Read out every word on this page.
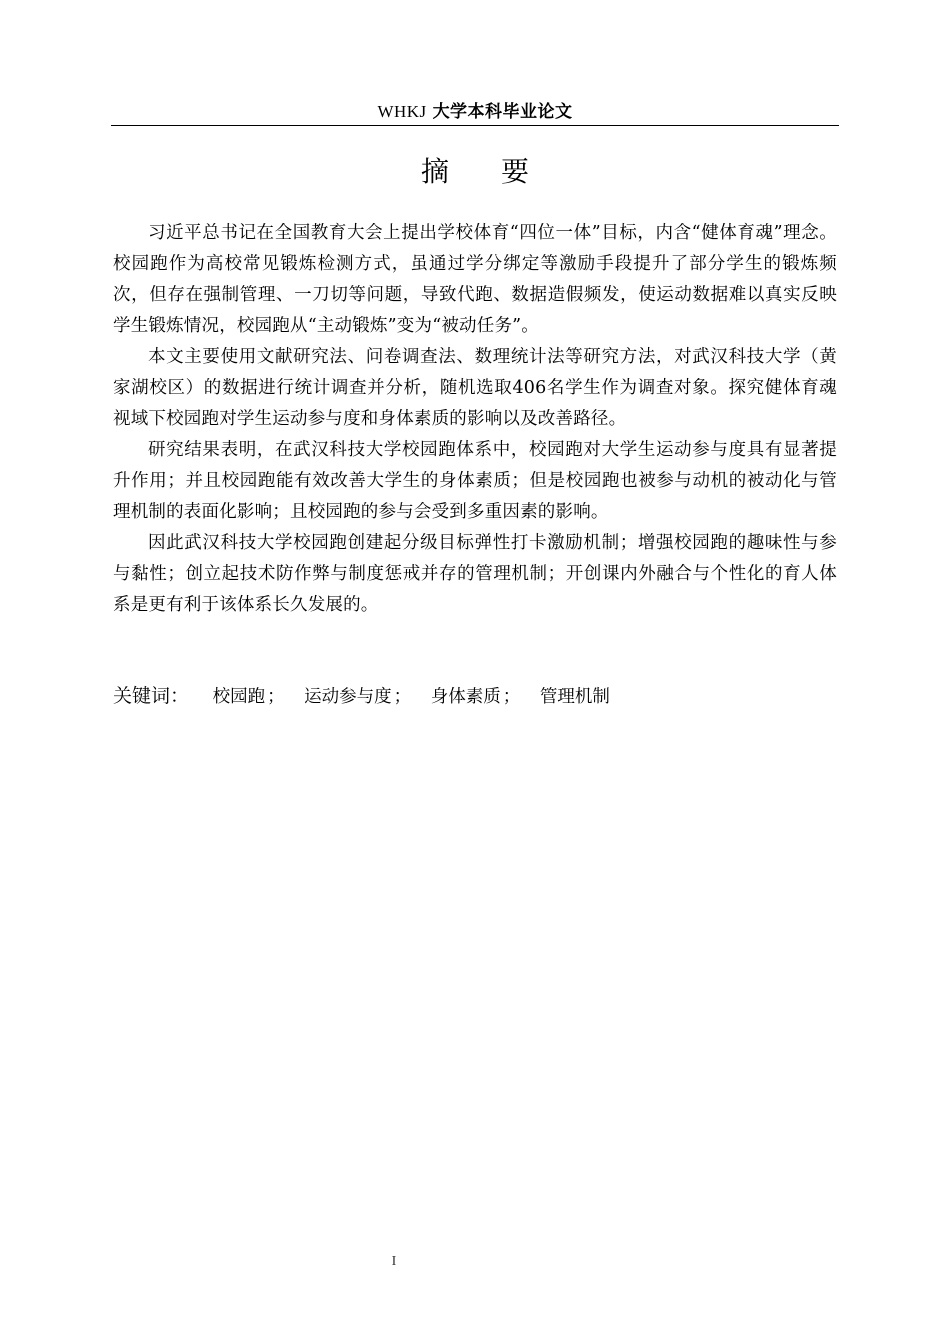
WHKJ 大学本科毕业论文
摘要

习近平总书记在全国教育大会上提出学校体育“四位一体”目标，内含“健体育魂”理念。校园跑作为高校常见锻炼检测方式，虽通过学分绑定等激励手段提升了部分学生的锻炼频次，但存在强制管理、一刀切等问题，导致代跑、数据造假频发，使运动数据难以真实反映学生锻炼情况，校园跑从“主动锻炼”变为“被动任务”。

本文主要使用文献研究法、问卷调查法、数理统计法等研究方法，对武汉科技大学（黄家湖校区）的数据进行统计调查并分析，随机选取406名学生作为调查对象。探究健体育魂视域下校园跑对学生运动参与度和身体素质的影响以及改善路径。

研究结果表明，在武汉科技大学校园跑体系中，校园跑对大学生运动参与度具有显著提升作用；并且校园跑能有效改善大学生的身体素质；但是校园跑也被参与动机的被动化与管理机制的表面化影响；且校园跑的参与会受到多重因素的影响。

因此武汉科技大学校园跑创建起分级目标弹性打卡激励机制；增强校园跑的趣味性与参与黏性；创立起技术防作弊与制度惩戒并存的管理机制；开创课内外融合与个性化的育人体系是更有利于该体系长久发展的。

关键词： 校园跑 ； 运动参与度 ； 身体素质 ； 管理机制
I
